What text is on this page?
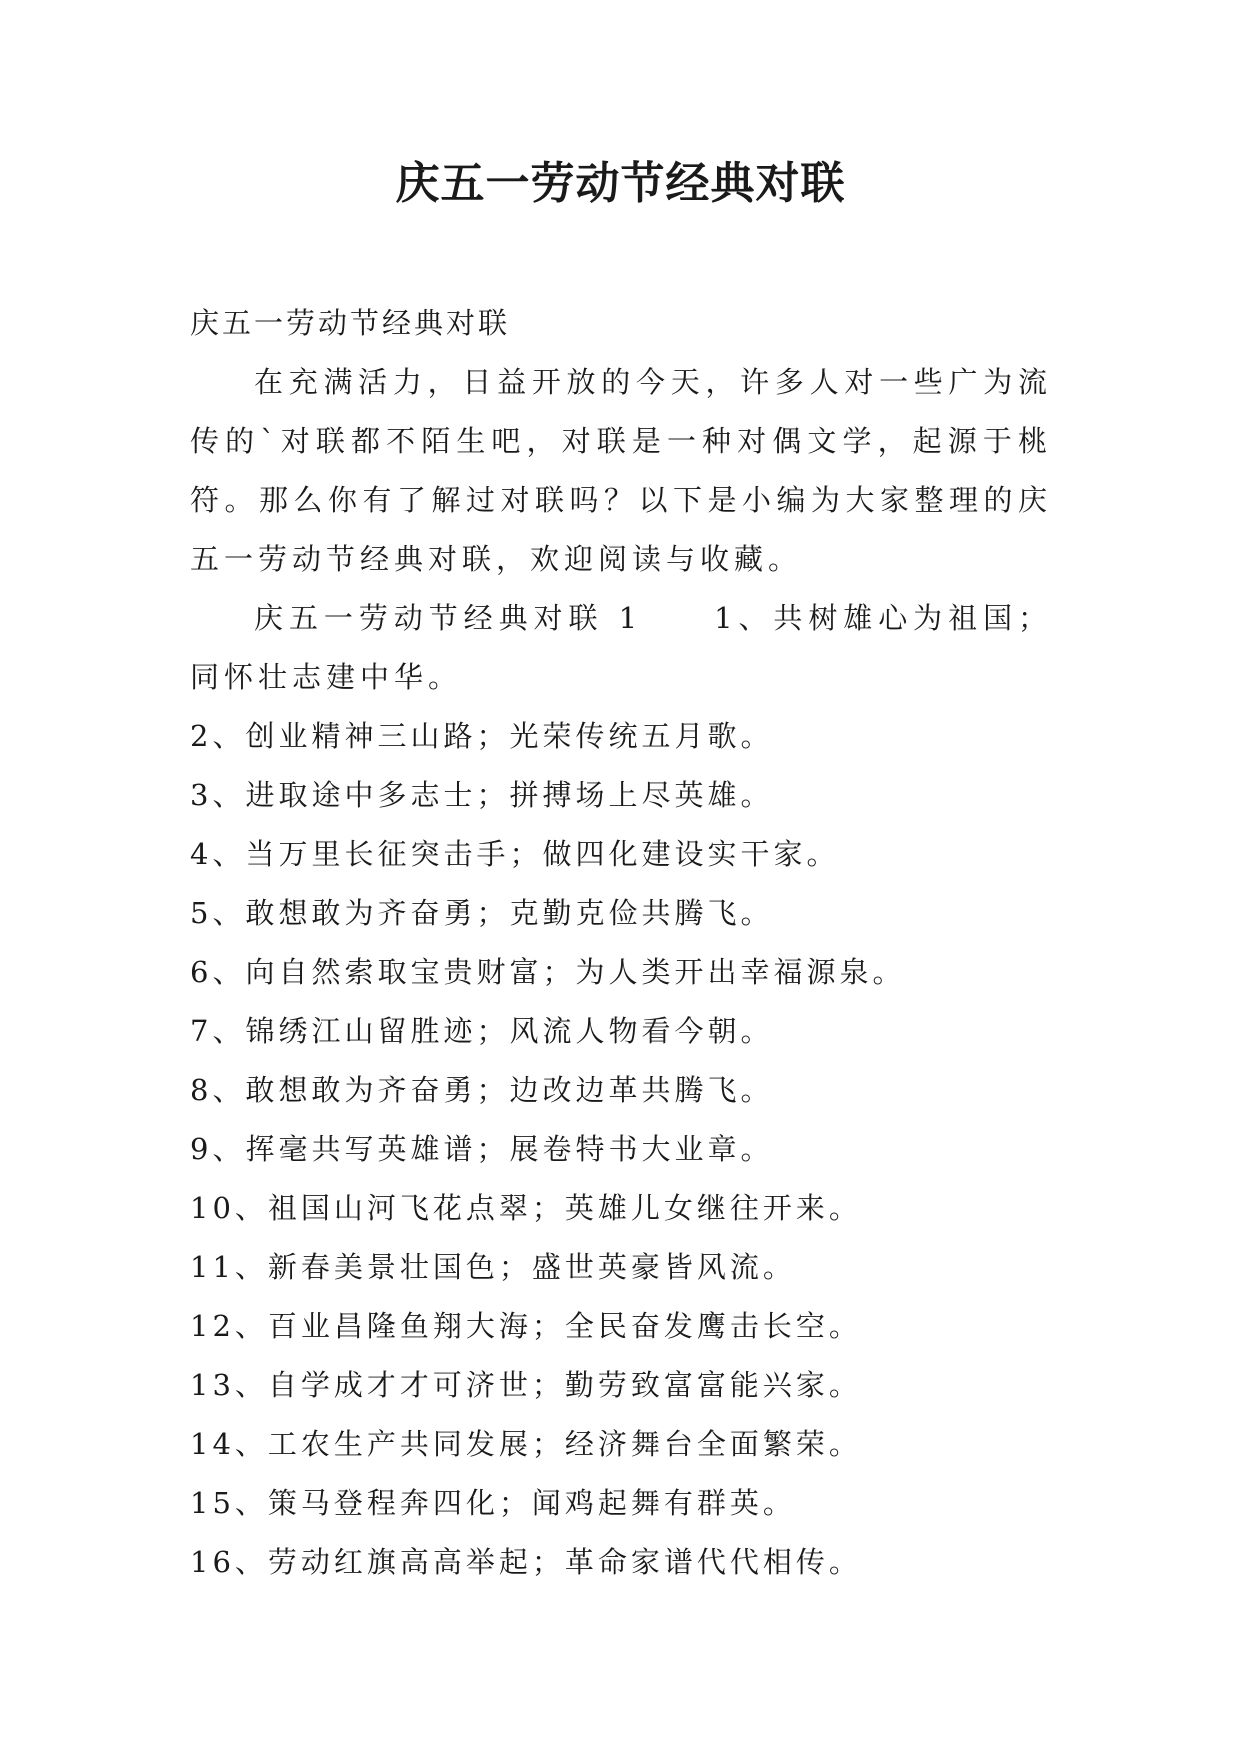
庆五一劳动节经典对联

庆五一劳动节经典对联

在充满活力，日益开放的今天，许多人对一些广为流传的`对联都不陌生吧，对联是一种对偶文学，起源于桃符。那么你有了解过对联吗？以下是小编为大家整理的庆五一劳动节经典对联，欢迎阅读与收藏。

庆五一劳动节经典对联 1 1、共树雄心为祖国；同怀壮志建中华。

2、创业精神三山路；光荣传统五月歌。

3、进取途中多志士；拼搏场上尽英雄。

4、当万里长征突击手；做四化建设实干家。

5、敢想敢为齐奋勇；克勤克俭共腾飞。

6、向自然索取宝贵财富；为人类开出幸福源泉。

7、锦绣江山留胜迹；风流人物看今朝。

8、敢想敢为齐奋勇；边改边革共腾飞。

9、挥毫共写英雄谱；展卷特书大业章。

10、祖国山河飞花点翠；英雄儿女继往开来。

11、新春美景壮国色；盛世英豪皆风流。

12、百业昌隆鱼翔大海；全民奋发鹰击长空。

13、自学成才才可济世；勤劳致富富能兴家。

14、工农生产共同发展；经济舞台全面繁荣。

15、策马登程奔四化；闻鸡起舞有群英。

16、劳动红旗高高举起；革命家谱代代相传。
